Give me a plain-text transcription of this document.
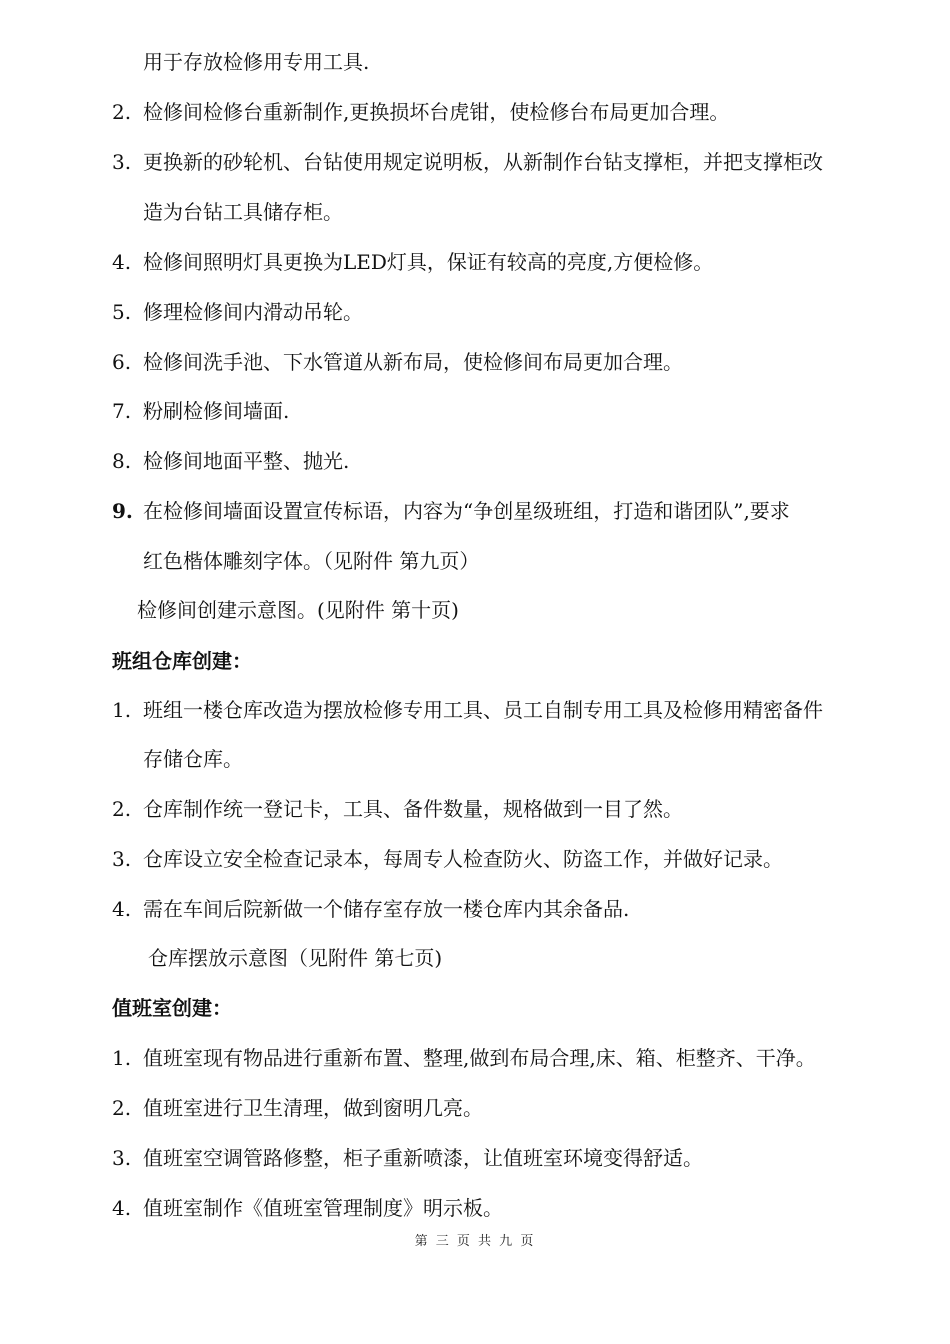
用于存放检修用专用工具.
2. 检修间检修台重新制作,更换损坏台虎钳，使检修台布局更加合理。
3. 更换新的砂轮机、台钻使用规定说明板，从新制作台钻支撑柜，并把支撑柜改
造为台钻工具储存柜。
4. 检修间照明灯具更换为LED灯具，保证有较高的亮度,方便检修。
5. 修理检修间内滑动吊轮。
6. 检修间洗手池、下水管道从新布局，使检修间布局更加合理。
7. 粉刷检修间墙面.
8. 检修间地面平整、抛光.
9. 在检修间墙面设置宣传标语，内容为“争创星级班组，打造和谐团队”,要求
红色楷体雕刻字体。（见附件 第九页）
检修间创建示意图。(见附件 第十页)
班组仓库创建：
1. 班组一楼仓库改造为摆放检修专用工具、员工自制专用工具及检修用精密备件
存储仓库。
2. 仓库制作统一登记卡，工具、备件数量，规格做到一目了然。
3. 仓库设立安全检查记录本，每周专人检查防火、防盗工作，并做好记录。
4. 需在车间后院新做一个储存室存放一楼仓库内其余备品.
仓库摆放示意图（见附件 第七页)
值班室创建：
1. 值班室现有物品进行重新布置、整理,做到布局合理,床、箱、柜整齐、干净。
2. 值班室进行卫生清理，做到窗明几亮。
3. 值班室空调管路修整，柜子重新喷漆，让值班室环境变得舒适。
4. 值班室制作《值班室管理制度》明示板。
第 三 页 共 九 页
